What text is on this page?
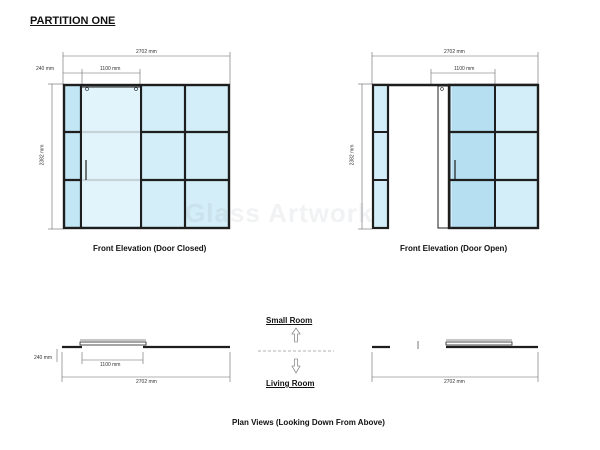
PARTITION ONE
Glass Artwork
2702 mm
1100 mm
240 mm
2382 mm
Front Elevation (Door Closed)
2702 mm
1100 mm
2382 mm
Front Elevation (Door Open)
Small Room
Living Room
240 mm
1100 mm
2702 mm	2702 mm
Plan Views (Looking Down From Above)
